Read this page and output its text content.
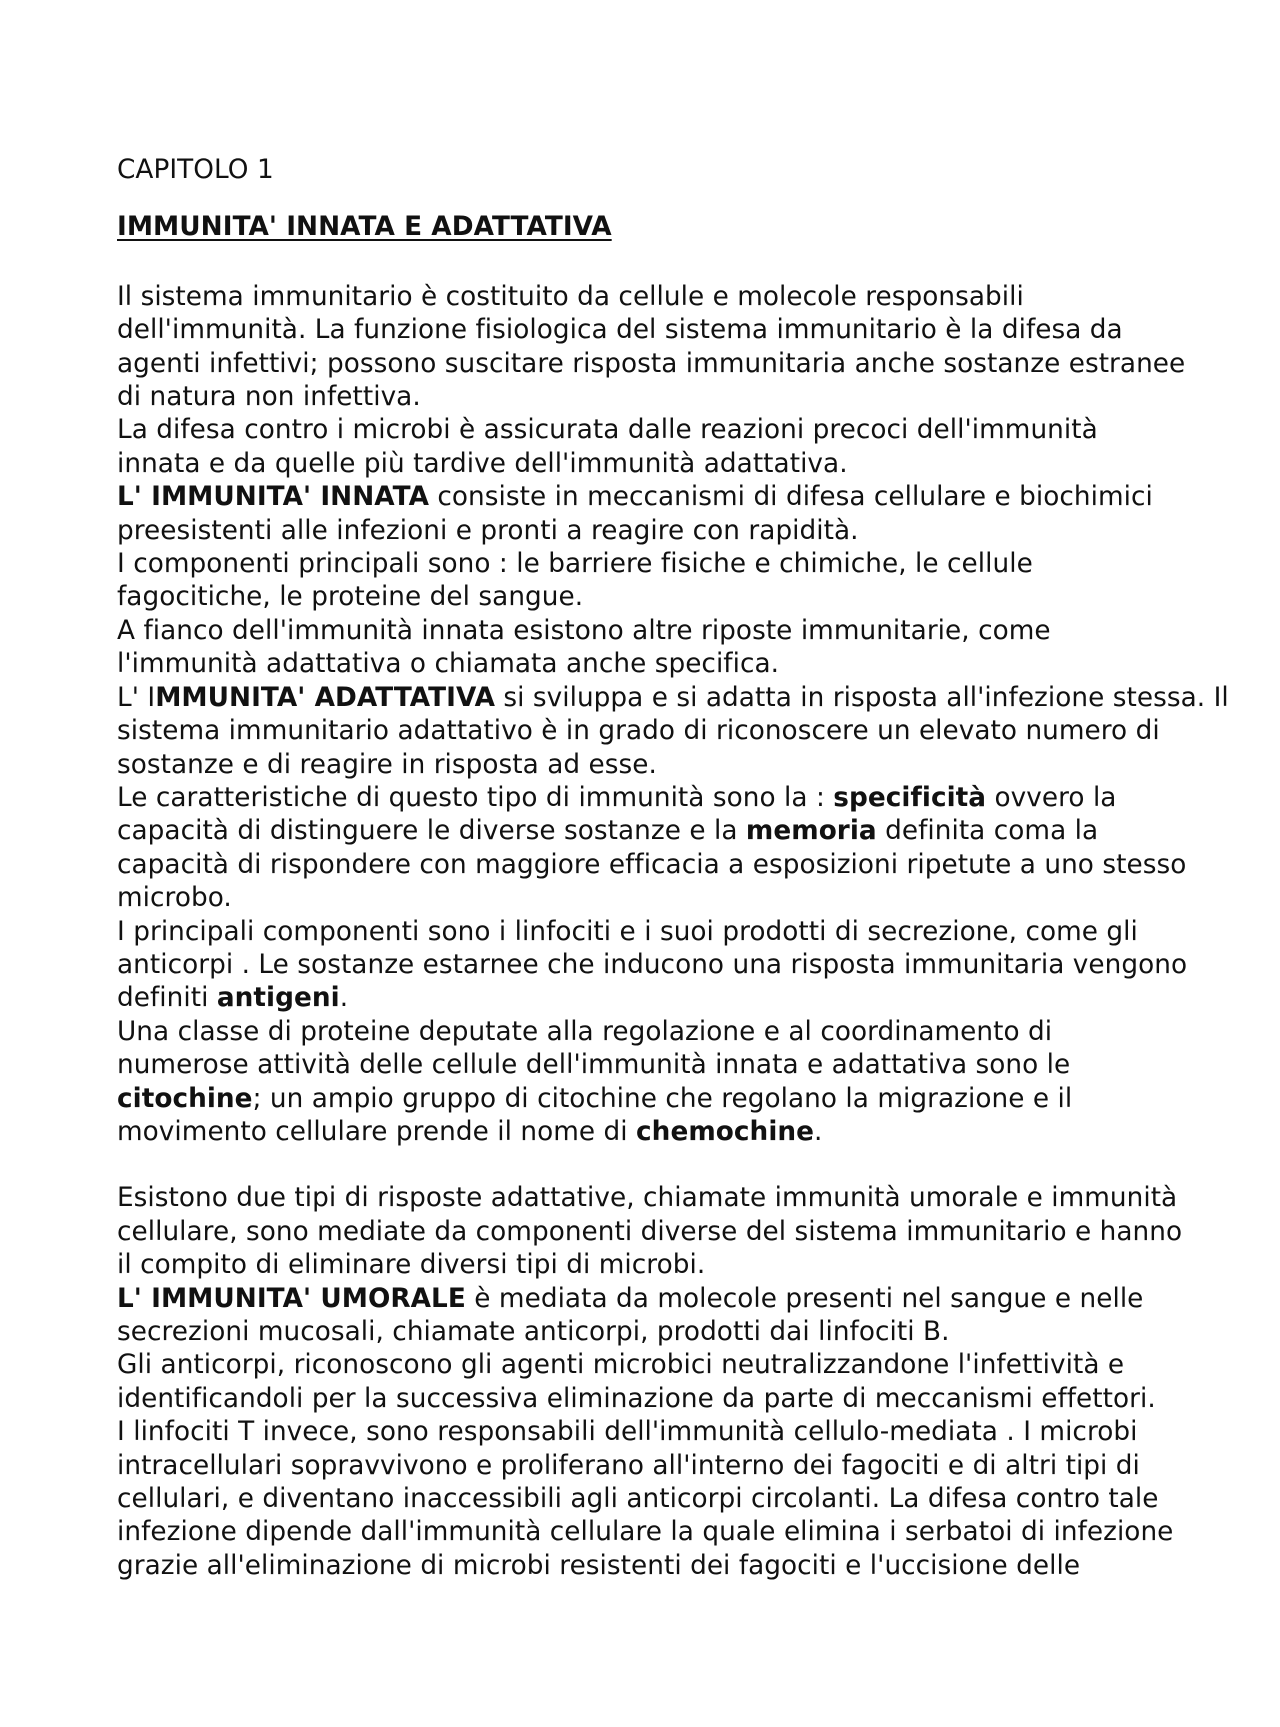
CAPITOLO 1

IMMUNITA' INNATA E ADATTATIVA

Il sistema immunitario è costituito da cellule e molecole responsabili
dell'immunità. La funzione fisiologica del sistema immunitario è la difesa da
agenti infettivi; possono suscitare risposta immunitaria anche sostanze estranee
di natura non infettiva.

La difesa contro i microbi è assicurata dalle reazioni precoci dell'immunità
innata e da quelle più tardive dell'immunità adattativa.

L' IMMUNITA' INNATA consiste in meccanismi di difesa cellulare e biochimici
preesistenti alle infezioni e pronti a reagire con rapidità.

I componenti principali sono : le barriere fisiche e chimiche, le cellule
fagocitiche, le proteine del sangue.

A fianco dell'immunità innata esistono altre riposte immunitarie, come
l'immunità adattativa o chiamata anche specifica.

L' IMMUNITA' ADATTATIVA si sviluppa e si adatta in risposta all'infezione stessa. Il
sistema immunitario adattativo è in grado di riconoscere un elevato numero di
sostanze e di reagire in risposta ad esse.

Le caratteristiche di questo tipo di immunità sono la : specificità ovvero la
capacità di distinguere le diverse sostanze e la memoria definita coma la
capacità di rispondere con maggiore efficacia a esposizioni ripetute a uno stesso
microbo.

I principali componenti sono i linfociti e i suoi prodotti di secrezione, come gli
anticorpi . Le sostanze estarnee che inducono una risposta immunitaria vengono
definiti antigeni.

Una classe di proteine deputate alla regolazione e al coordinamento di
numerose attività delle cellule dell'immunità innata e adattativa sono le
citochine; un ampio gruppo di citochine che regolano la migrazione e il
movimento cellulare prende il nome di chemochine.

Esistono due tipi di risposte adattative, chiamate immunità umorale e immunità
cellulare, sono mediate da componenti diverse del sistema immunitario e hanno
il compito di eliminare diversi tipi di microbi.

L' IMMUNITA' UMORALE è mediata da molecole presenti nel sangue e nelle
secrezioni mucosali, chiamate anticorpi, prodotti dai linfociti B.

Gli anticorpi, riconoscono gli agenti microbici neutralizzandone l'infettività e
identificandoli per la successiva eliminazione da parte di meccanismi effettori.

I linfociti T invece, sono responsabili dell'immunità cellulo-mediata . I microbi
intracellulari sopravvivono e proliferano all'interno dei fagociti e di altri tipi di
cellulari, e diventano inaccessibili agli anticorpi circolanti. La difesa contro tale
infezione dipende dall'immunità cellulare la quale elimina i serbatoi di infezione
grazie all'eliminazione di microbi resistenti dei fagociti e l'uccisione delle
